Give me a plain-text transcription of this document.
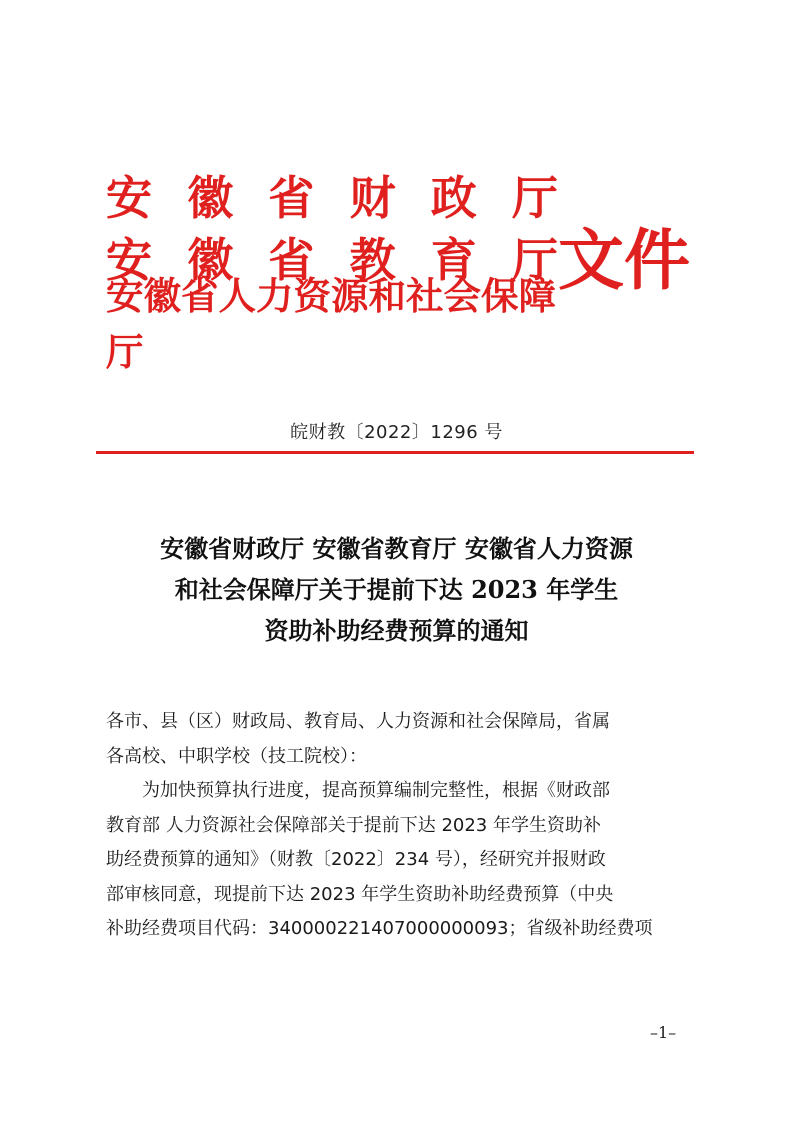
安 徽 省 财 政 厅
安 徽 省 教 育 厅
安徽省人力资源和社会保障厅
文件
皖财教〔2022〕1296 号
安徽省财政厅 安徽省教育厅 安徽省人力资源
和社会保障厅关于提前下达 2023 年学生
资助补助经费预算的通知
各市、县（区）财政局、教育局、人力资源和社会保障局，省属
各高校、中职学校（技工院校）：
为加快预算执行进度，提高预算编制完整性，根据《财政部
教育部 人力资源社会保障部关于提前下达 2023 年学生资助补
助经费预算的通知》（财教〔2022〕234 号），经研究并报财政
部审核同意，现提前下达 2023 年学生资助补助经费预算（中央
补助经费项目代码：340000221407000000093；省级补助经费项
–1–
